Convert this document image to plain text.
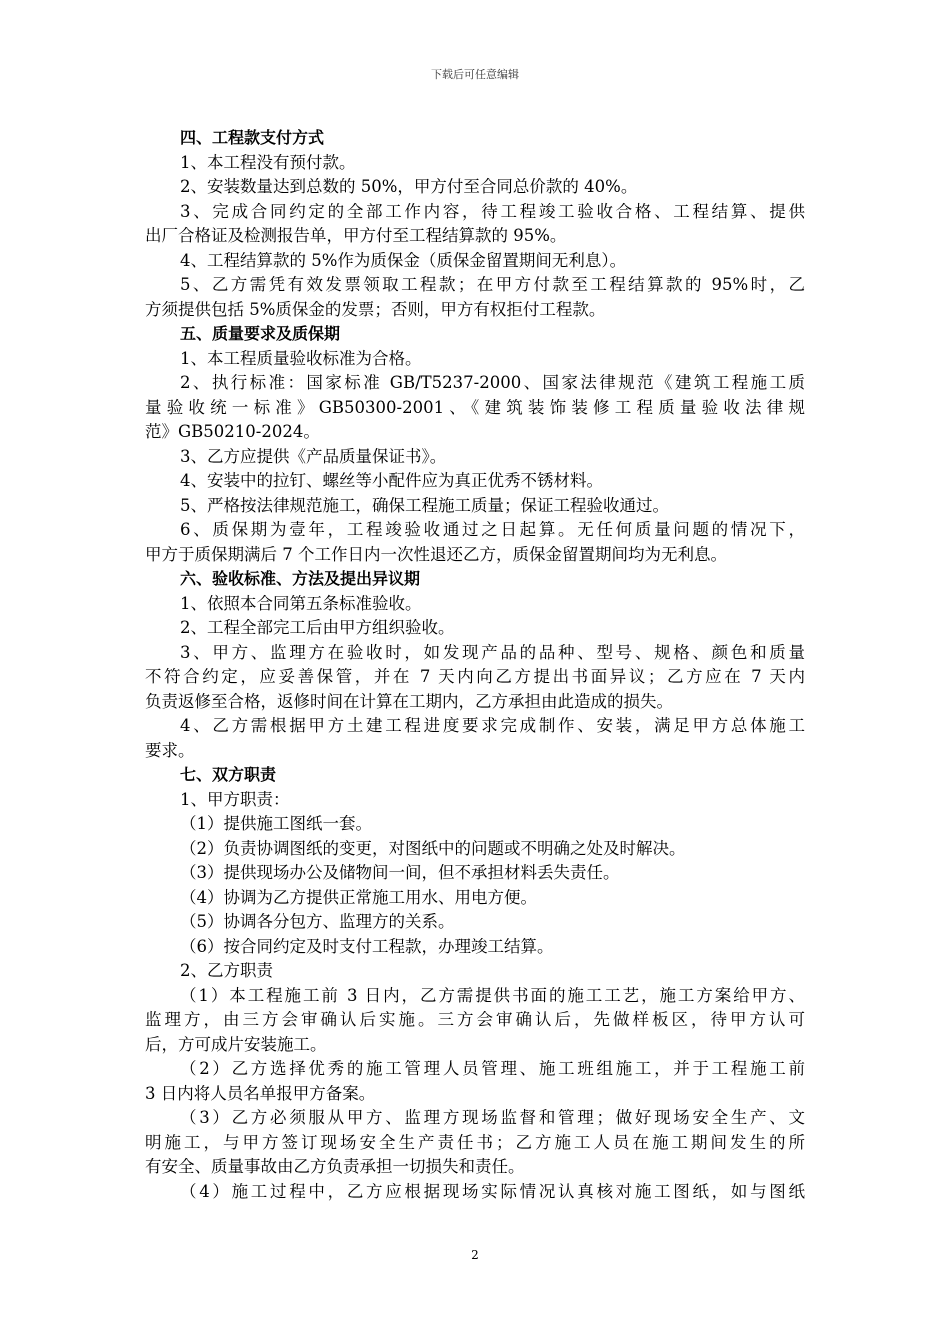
下载后可任意编辑
四、工程款支付方式
1、本工程没有预付款。
2、安装数量达到总数的 50%，甲方付至合同总价款的 40%。
3、完成合同约定的全部工作内容，待工程竣工验收合格、工程结算、提供
出厂合格证及检测报告单，甲方付至工程结算款的 95%。
4、工程结算款的 5%作为质保金（质保金留置期间无利息）。
5、乙方需凭有效发票领取工程款；在甲方付款至工程结算款的 95%时，乙
方须提供包括 5%质保金的发票；否则，甲方有权拒付工程款。
五、质量要求及质保期
1、本工程质量验收标准为合格。
2、执行标准：国家标准 GB/T5237-2000、国家法律规范《建筑工程施工质
量验收统一标准》GB50300-2001、《建筑装饰装修工程质量验收法律规
范》GB50210-2024。
3、乙方应提供《产品质量保证书》。
4、安装中的拉钉、螺丝等小配件应为真正优秀不锈材料。
5、严格按法律规范施工，确保工程施工质量；保证工程验收通过。
6、质保期为壹年，工程竣验收通过之日起算。无任何质量问题的情况下，
甲方于质保期满后 7 个工作日内一次性退还乙方，质保金留置期间均为无利息。
六、验收标准、方法及提出异议期
1、依照本合同第五条标准验收。
2、工程全部完工后由甲方组织验收。
3、甲方、监理方在验收时，如发现产品的品种、型号、规格、颜色和质量
不符合约定，应妥善保管，并在 7 天内向乙方提出书面异议；乙方应在 7 天内
负责返修至合格，返修时间在计算在工期内，乙方承担由此造成的损失。
4、乙方需根据甲方土建工程进度要求完成制作、安装，满足甲方总体施工
要求。
七、双方职责
1、甲方职责：
（1）提供施工图纸一套。
（2）负责协调图纸的变更，对图纸中的问题或不明确之处及时解决。
（3）提供现场办公及储物间一间，但不承担材料丢失责任。
（4）协调为乙方提供正常施工用水、用电方便。
（5）协调各分包方、监理方的关系。
（6）按合同约定及时支付工程款，办理竣工结算。
2、乙方职责
（1）本工程施工前 3 日内，乙方需提供书面的施工工艺，施工方案给甲方、
监理方，由三方会审确认后实施。三方会审确认后，先做样板区，待甲方认可
后，方可成片安装施工。
（2）乙方选择优秀的施工管理人员管理、施工班组施工，并于工程施工前
3 日内将人员名单报甲方备案。
（3）乙方必须服从甲方、监理方现场监督和管理；做好现场安全生产、文
明施工，与甲方签订现场安全生产责任书；乙方施工人员在施工期间发生的所
有安全、质量事故由乙方负责承担一切损失和责任。
（4）施工过程中，乙方应根据现场实际情况认真核对施工图纸，如与图纸
2
